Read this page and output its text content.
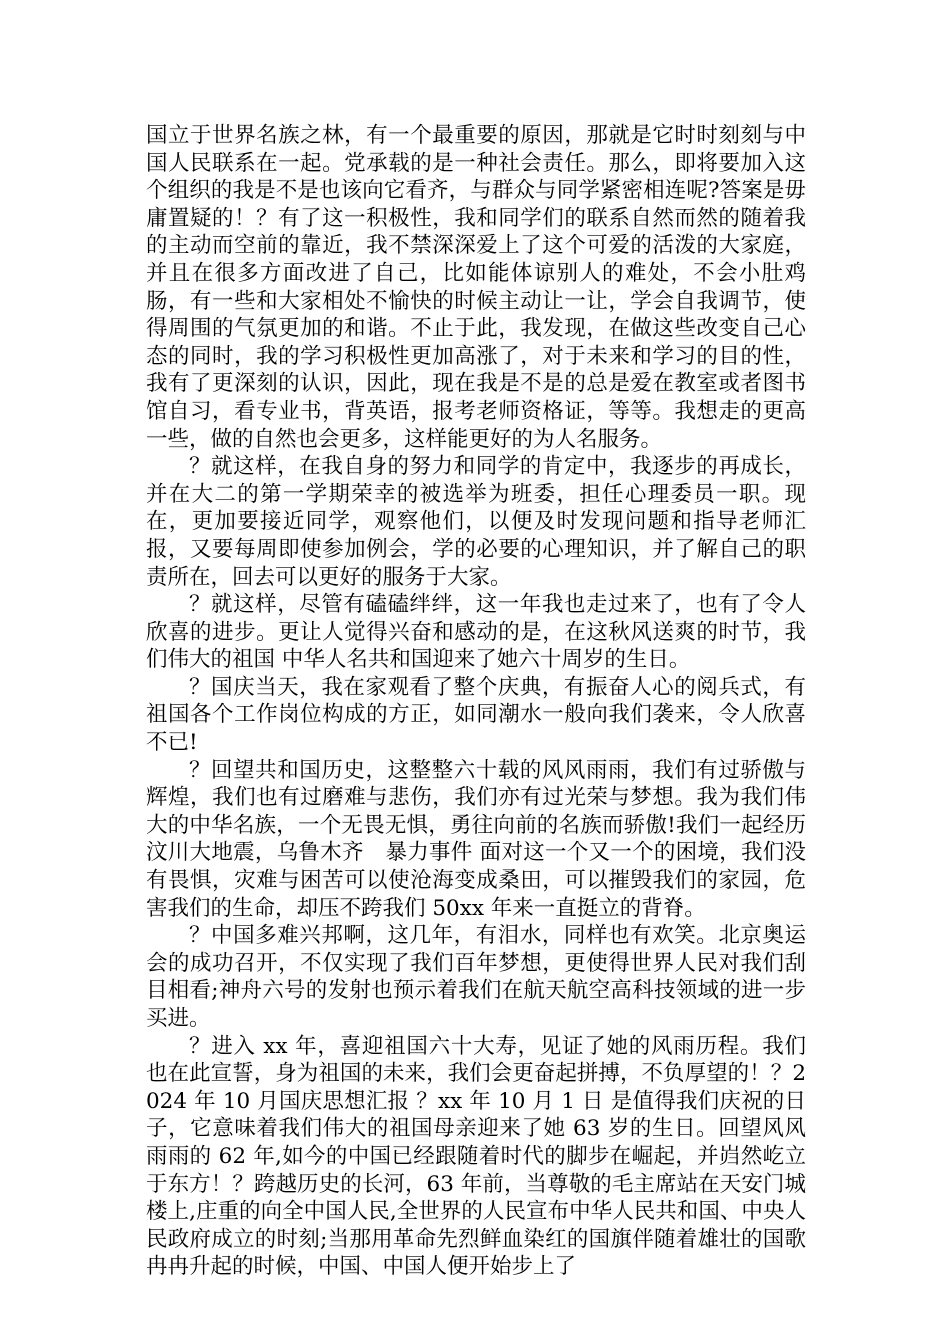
国立于世界名族之林，有一个最重要的原因，那就是它时时刻刻与中国人民联系在一起。党承载的是一种社会责任。那么，即将要加入这个组织的我是不是也该向它看齐，与群众与同学紧密相连呢?答案是毋庸置疑的！？有了这一积极性，我和同学们的联系自然而然的随着我的主动而空前的靠近，我不禁深深爱上了这个可爱的活泼的大家庭，并且在很多方面改进了自己，比如能体谅别人的难处，不会小肚鸡肠，有一些和大家相处不愉快的时候主动让一让，学会自我调节，使得周围的气氛更加的和谐。不止于此，我发现，在做这些改变自己心态的同时，我的学习积极性更加高涨了，对于未来和学习的目的性，我有了更深刻的认识，因此，现在我是不是的总是爱在教室或者图书馆自习，看专业书，背英语，报考老师资格证，等等。我想走的更高一些，做的自然也会更多，这样能更好的为人名服务。

？就这样，在我自身的努力和同学的肯定中，我逐步的再成长，并在大二的第一学期荣幸的被选举为班委，担任心理委员一职。现在，更加要接近同学，观察他们，以便及时发现问题和指导老师汇报，又要每周即使参加例会，学的必要的心理知识，并了解自己的职责所在，回去可以更好的服务于大家。

？就这样，尽管有磕磕绊绊，这一年我也走过来了，也有了令人欣喜的进步。更让人觉得兴奋和感动的是，在这秋风送爽的时节，我们伟大的祖国 中华人名共和国迎来了她六十周岁的生日。

？国庆当天，我在家观看了整个庆典，有振奋人心的阅兵式，有祖国各个工作岗位构成的方正，如同潮水一般向我们袭来，令人欣喜不已!

？回望共和国历史，这整整六十载的风风雨雨，我们有过骄傲与辉煌，我们也有过磨难与悲伤，我们亦有过光荣与梦想。我为我们伟大的中华名族，一个无畏无惧，勇往向前的名族而骄傲!我们一起经历　汶川大地震，乌鲁木齐　暴力事件 面对这一个又一个的困境，我们没有畏惧，灾难与困苦可以使沧海变成桑田，可以摧毁我们的家园，危害我们的生命，却压不跨我们 50xx 年来一直挺立的背脊。

？中国多难兴邦啊，这几年，有泪水，同样也有欢笑。北京奥运会的成功召开，不仅实现了我们百年梦想，更使得世界人民对我们刮目相看;神舟六号的发射也预示着我们在航天航空高科技领域的进一步买进。

？进入 xx 年，喜迎祖国六十大寿，见证了她的风雨历程。我们也在此宣誓，身为祖国的未来，我们会更奋起拼搏，不负厚望的！？2024 年 10 月国庆思想汇报 ？xx 年 10 月 1 日 是值得我们庆祝的日子，它意味着我们伟大的祖国母亲迎来了她 63 岁的生日。回望风风雨雨的 62 年,如今的中国已经跟随着时代的脚步在崛起，并岿然屹立于东方！？跨越历史的长河，63 年前，当尊敬的毛主席站在天安门城楼上,庄重的向全中国人民,全世界的人民宣布中华人民共和国、中央人民政府成立的时刻;当那用革命先烈鲜血染红的国旗伴随着雄壮的国歌冉冉升起的时候，中国、中国人便开始步上了
